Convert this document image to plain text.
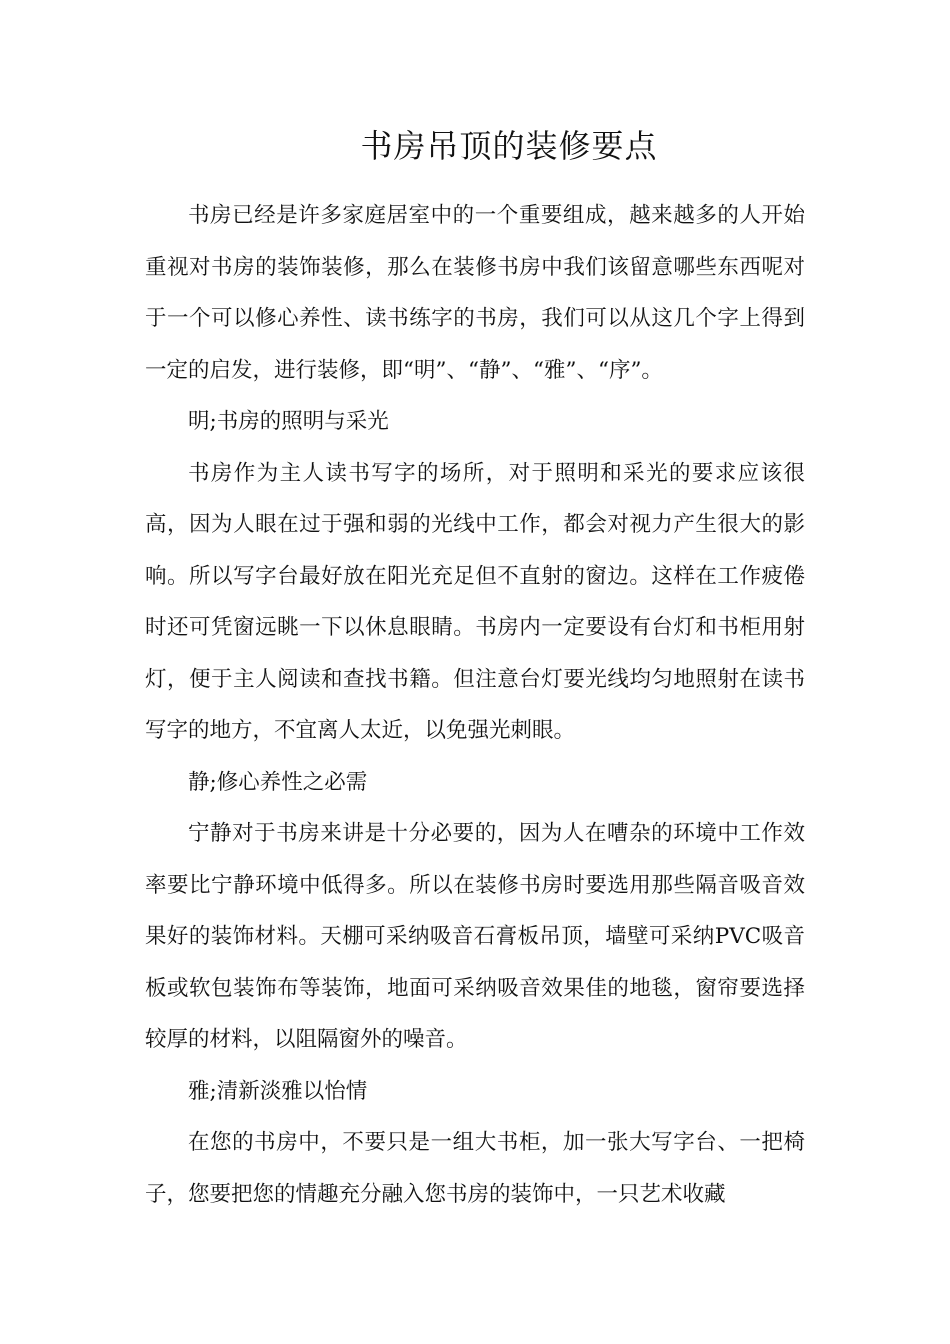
书房吊顶的装修要点

书房已经是许多家庭居室中的一个重要组成，越来越多的人开始重视对书房的装饰装修，那么在装修书房中我们该留意哪些东西呢对于一个可以修心养性、读书练字的书房，我们可以从这几个字上得到一定的启发，进行装修，即“明”、“静”、“雅”、“序”。

明;书房的照明与采光

书房作为主人读书写字的场所，对于照明和采光的要求应该很高，因为人眼在过于强和弱的光线中工作，都会对视力产生很大的影响。所以写字台最好放在阳光充足但不直射的窗边。这样在工作疲倦时还可凭窗远眺一下以休息眼睛。书房内一定要设有台灯和书柜用射灯，便于主人阅读和查找书籍。但注意台灯要光线均匀地照射在读书写字的地方，不宜离人太近，以免强光刺眼。

静;修心养性之必需

宁静对于书房来讲是十分必要的，因为人在嘈杂的环境中工作效率要比宁静环境中低得多。所以在装修书房时要选用那些隔音吸音效果好的装饰材料。天棚可采纳吸音石膏板吊顶，墙壁可采纳PVC吸音板或软包装饰布等装饰，地面可采纳吸音效果佳的地毯，窗帘要选择较厚的材料，以阻隔窗外的噪音。

雅;清新淡雅以怡情

在您的书房中，不要只是一组大书柜，加一张大写字台、一把椅子，您要把您的情趣充分融入您书房的装饰中，一只艺术收藏
